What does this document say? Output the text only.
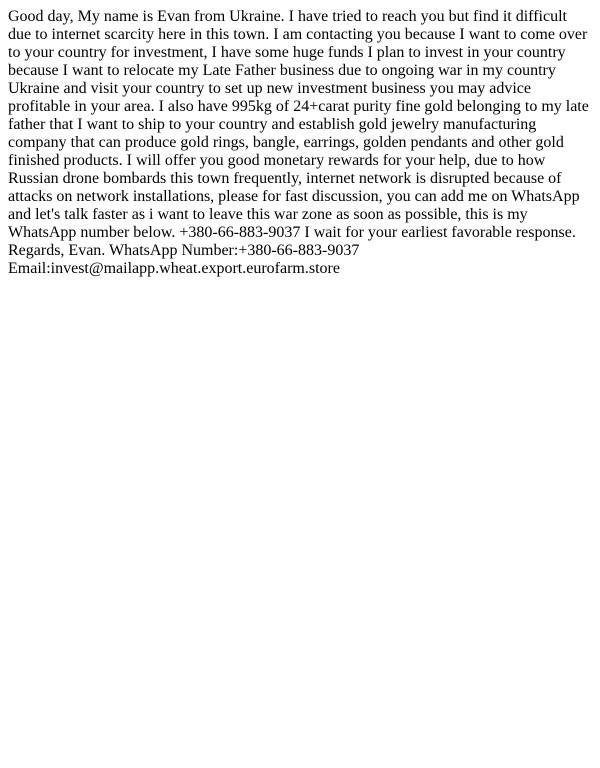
Good day, My name is Evan from Ukraine. I have tried to reach you but find it difficult due to internet scarcity here in this town. I am contacting you because I want to come over to your country for investment, I have some huge funds I plan to invest in your country because I want to relocate my Late Father business due to ongoing war in my country Ukraine and visit your country to set up new investment business you may advice profitable in your area. I also have 995kg of 24+carat purity fine gold belonging to my late father that I want to ship to your country and establish gold jewelry manufacturing company that can produce gold rings, bangle, earrings, golden pendants and other gold finished products. I will offer you good monetary rewards for your help, due to how Russian drone bombards this town frequently, internet network is disrupted because of attacks on network installations, please for fast discussion, you can add me on WhatsApp and let's talk faster as i want to leave this war zone as soon as possible, this is my WhatsApp number below. +380-66-883-9037 I wait for your earliest favorable response. Regards, Evan. WhatsApp Number:+380-66-883-9037 Email:invest@mailapp.wheat.export.eurofarm.store
